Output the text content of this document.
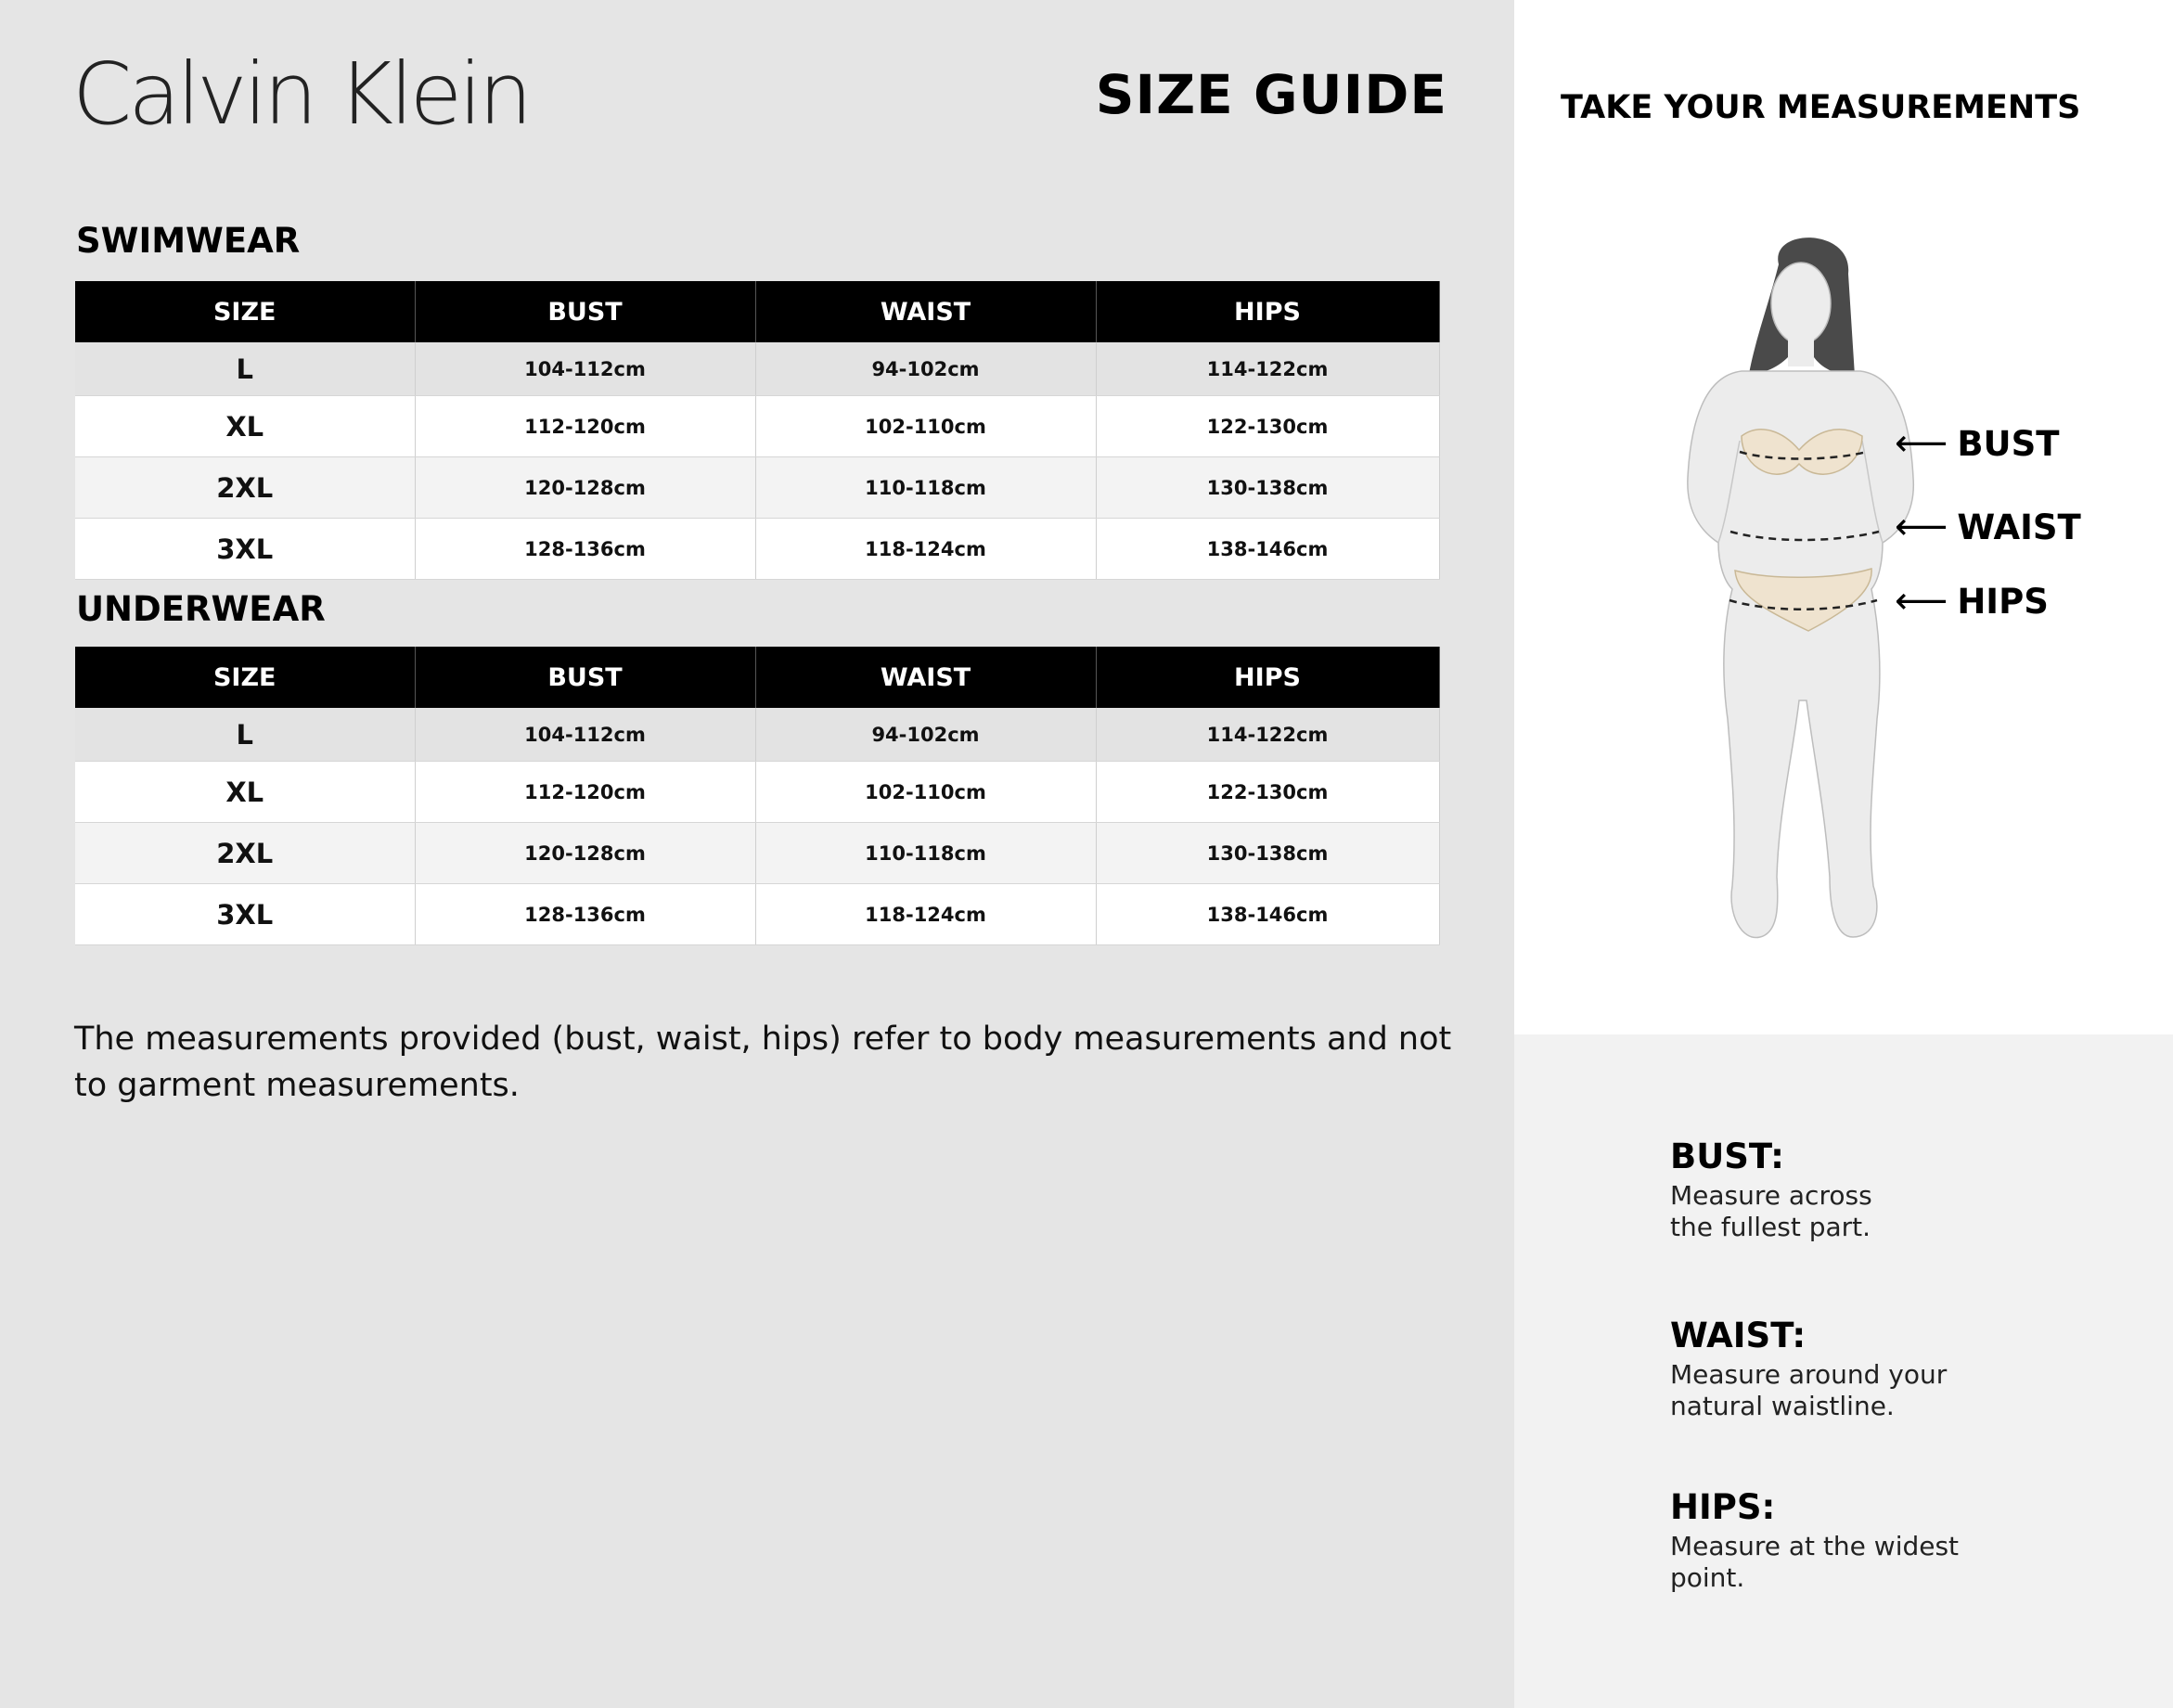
Calvin Klein	SIZE GUIDE
SWIMWEAR
SIZE	BUST	WAIST	HIPS
L	104-112cm	94-102cm	114-122cm
XL	112-120cm	102-110cm	122-130cm
2XL	120-128cm	110-118cm	130-138cm
3XL	128-136cm	118-124cm	138-146cm
UNDERWEAR
SIZE	BUST	WAIST	HIPS
L	104-112cm	94-102cm	114-122cm
XL	112-120cm	102-110cm	122-130cm
2XL	120-128cm	110-118cm	130-138cm
3XL	128-136cm	118-124cm	138-146cm
The measurements provided (bust, waist, hips) refer to body measurements and not to garment measurements.
TAKE YOUR MEASUREMENTS
⟵ BUST
⟵ WAIST
⟵ HIPS
BUST:
Measure across the fullest part.
WAIST:
Measure around your natural waistline.
HIPS:
Measure at the widest point.
